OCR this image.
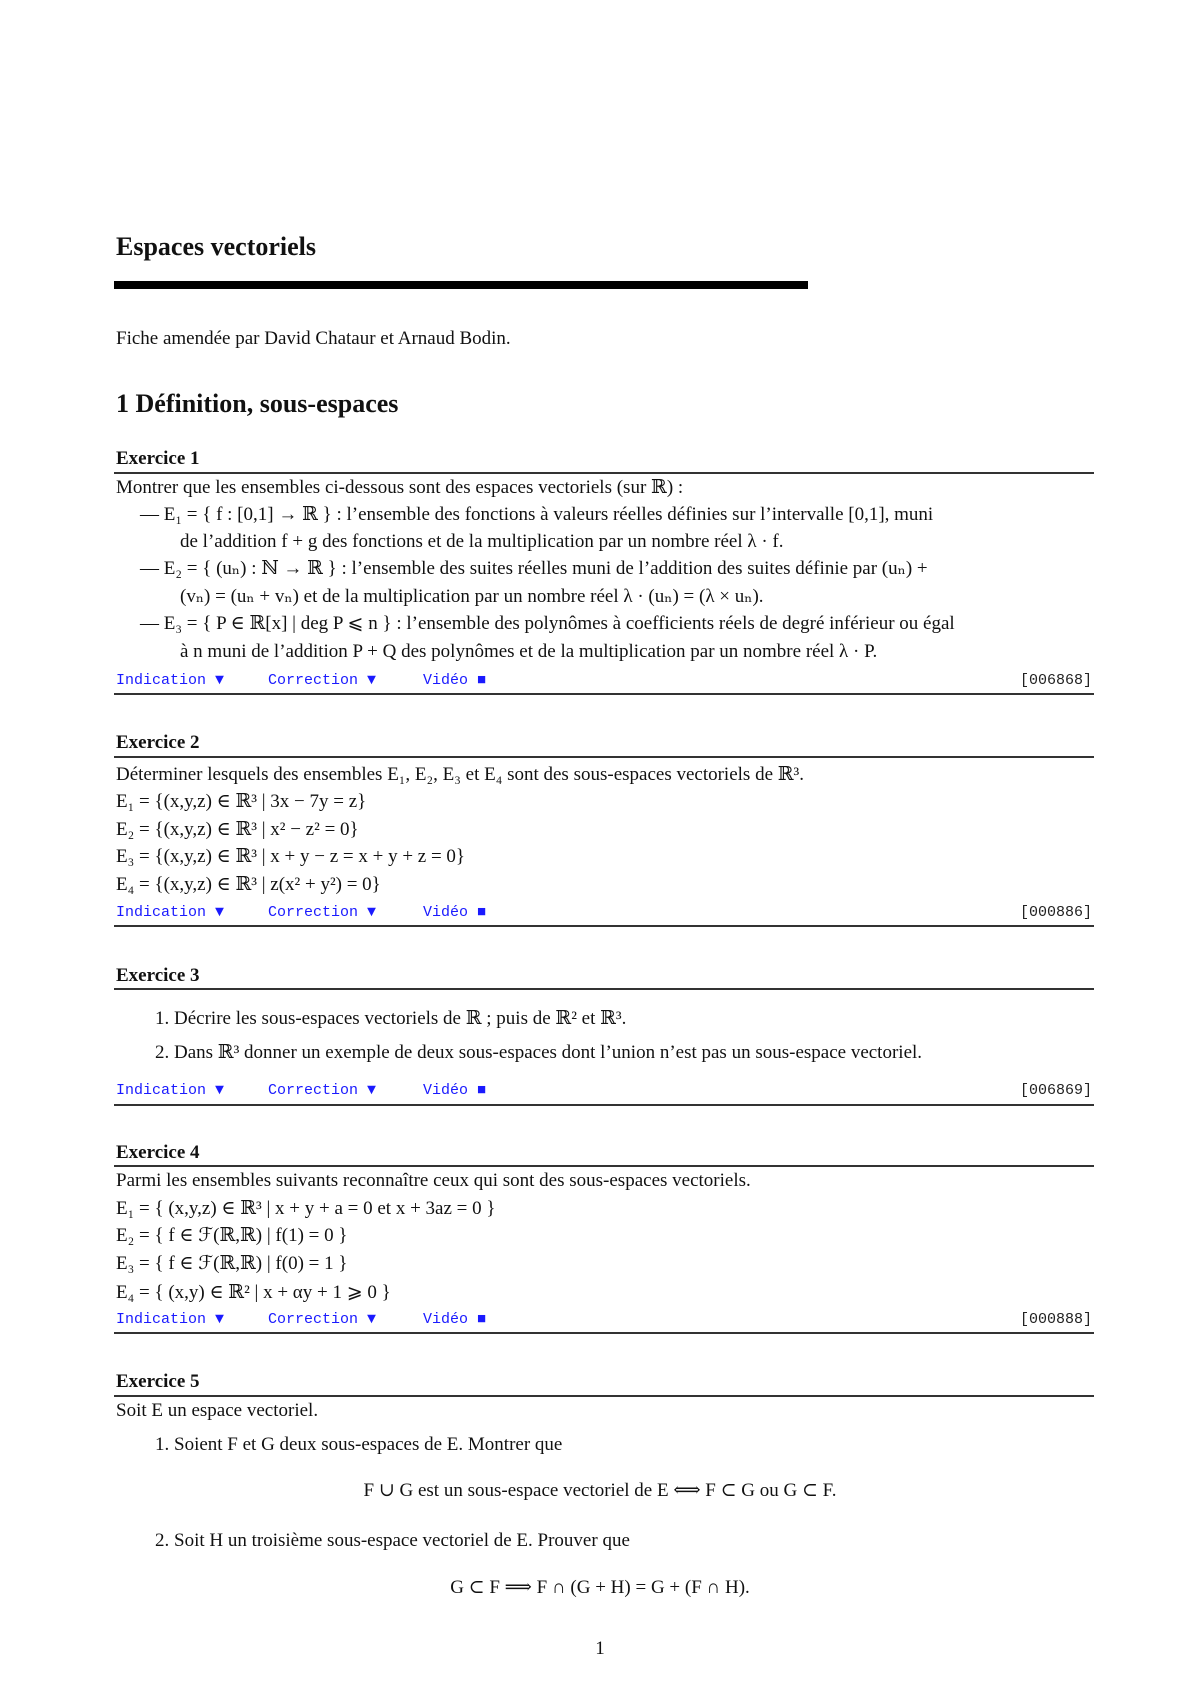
Espaces vectoriels
Fiche amendée par David Chataur et Arnaud Bodin.
1 Définition, sous-espaces
Exercice 1
Montrer que les ensembles ci-dessous sont des espaces vectoriels (sur ℝ) :
— E₁ = { f : [0,1] → ℝ } : l’ensemble des fonctions à valeurs réelles définies sur l’intervalle [0,1], muni
de l’addition f + g des fonctions et de la multiplication par un nombre réel λ · f.
— E₂ = { (uₙ) : ℕ → ℝ } : l’ensemble des suites réelles muni de l’addition des suites définie par (uₙ) +
(vₙ) = (uₙ + vₙ) et de la multiplication par un nombre réel λ · (uₙ) = (λ × uₙ).
— E₃ = { P ∈ ℝ[x] | deg P ⩽ n } : l’ensemble des polynômes à coefficients réels de degré inférieur ou égal
à n muni de l’addition P + Q des polynômes et de la multiplication par un nombre réel λ · P.
Indication ▼	Correction ▼	Vidéo ■	[006868]
Exercice 2
Déterminer lesquels des ensembles E₁, E₂, E₃ et E₄ sont des sous-espaces vectoriels de ℝ³.
E₁ = {(x,y,z) ∈ ℝ³ | 3x − 7y = z}
E₂ = {(x,y,z) ∈ ℝ³ | x² − z² = 0}
E₃ = {(x,y,z) ∈ ℝ³ | x + y − z = x + y + z = 0}
E₄ = {(x,y,z) ∈ ℝ³ | z(x² + y²) = 0}
Indication ▼	Correction ▼	Vidéo ■	[000886]
Exercice 3
1. Décrire les sous-espaces vectoriels de ℝ ; puis de ℝ² et ℝ³.
2. Dans ℝ³ donner un exemple de deux sous-espaces dont l’union n’est pas un sous-espace vectoriel.
Indication ▼	Correction ▼	Vidéo ■	[006869]
Exercice 4
Parmi les ensembles suivants reconnaître ceux qui sont des sous-espaces vectoriels.
E₁ = { (x,y,z) ∈ ℝ³ | x + y + a = 0 et x + 3az = 0 }
E₂ = { f ∈ ℱ(ℝ,ℝ) | f(1) = 0 }
E₃ = { f ∈ ℱ(ℝ,ℝ) | f(0) = 1 }
E₄ = { (x,y) ∈ ℝ² | x + αy + 1 ⩾ 0 }
Indication ▼	Correction ▼	Vidéo ■	[000888]
Exercice 5
Soit E un espace vectoriel.
1. Soient F et G deux sous-espaces de E. Montrer que
F ∪ G est un sous-espace vectoriel de E ⟺ F ⊂ G ou G ⊂ F.
2. Soit H un troisième sous-espace vectoriel de E. Prouver que
G ⊂ F ⟹ F ∩ (G + H) = G + (F ∩ H).
1
